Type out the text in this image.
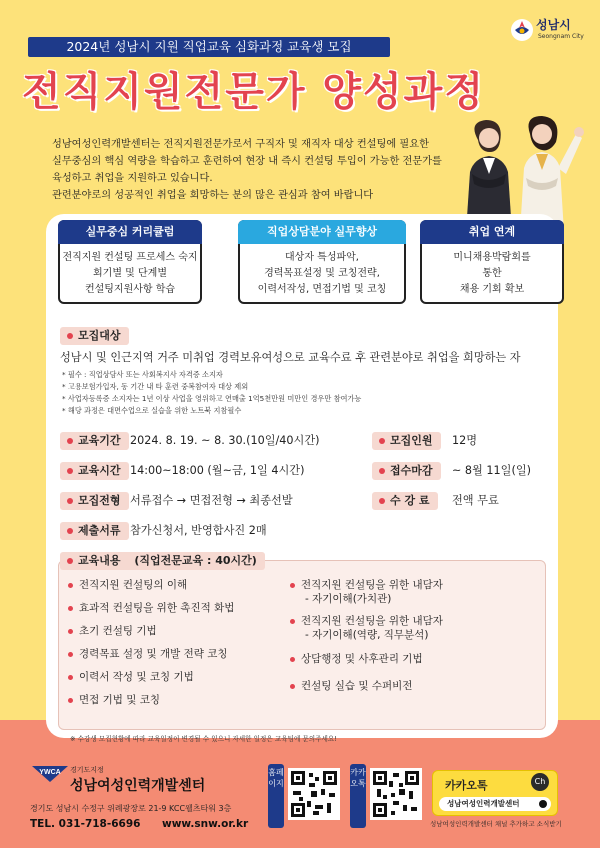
성남시
Seongnam City
2024년 성남시 지원 직업교육 심화과정 교육생 모집
전직지원전문가 양성과정
성남여성인력개발센터는 전직지원전문가로서 구직자 및 재직자 대상 컨설팅에 필요한
실무중심의 핵심 역량을 학습하고 훈련하여 현장 내 즉시 컨설팅 투입이 가능한 전문가를
육성하고 취업을 지원하고 있습니다.
관련분야로의 성공적인 취업을 희망하는 분의 많은 관심과 참여 바랍니다
실무중심 커리큘럼
전직지원 컨설팅 프로세스 숙지
회기별 및 단계별
컨설팅지원사항 학습
직업상담분야 실무향상
대상자 특성파악,
경력목표설정 및 코칭전략,
이력서작성, 면접기법 및 코칭
취업 연계
미니채용박람회를
통한
채용 기회 확보
모집대상
성남시 및 인근지역 거주 미취업 경력보유여성으로 교육수료 후 관련분야로 취업을 희망하는 자
* 필수 : 직업상담사 또는 사회복지사 자격증 소지자
* 고용보험가입자, 동 기간 내 타 훈련 중복참여자 대상 제외
* 사업자등록증 소지자는 1년 이상 사업을 영위하고 연매출 1억5천만원 미만인 경우만 참여가능
* 해당 과정은 대면수업으로 실습을 위한 노트북 지참필수
교육기간 2024. 8. 19. ~ 8. 30.(10일/40시간)	모집인원	12명
교육시간 14:00~18:00 (월~금, 1일 4시간)	접수마감	~ 8월 11일(일)
모집전형 서류접수 → 면접전형 → 최종선발	수 강 료	전액 무료
제출서류 참가신청서, 반영합사진 2매
교육내용 (직업전문교육 : 40시간)
전직지원 컨설팅의 이해
효과적 컨설팅을 위한 촉진적 화법
초기 컨설팅 기법
경력목표 설정 및 개발 전략 코칭
이력서 작성 및 코칭 기법
면접 기법 및 코칭
전직지원 컨설팅을 위한 내담자
- 자기이해(가치관)
전직지원 컨설팅을 위한 내담자
- 자기이해(역량, 직무분석)
상담행정 및 사후관리 기법
컨설팅 실습 및 수퍼비전
※ 수강생 모집현황에 따라 교육일정이 변경될 수 있으니 자세한 일정은 교육팀에 문의주세요!
YWCA 경기도지정
성남여성인력개발센터
경기도 성남시 수정구 위례광장로 21-9 KCC웰츠타워 3층
TEL. 031-718-6696 www.snw.or.kr
홈페이지
카카오톡	카카오톡	Ch
성남여성인력개발센터
성남여성인력개발센터 채널 추가하고 소식받기
